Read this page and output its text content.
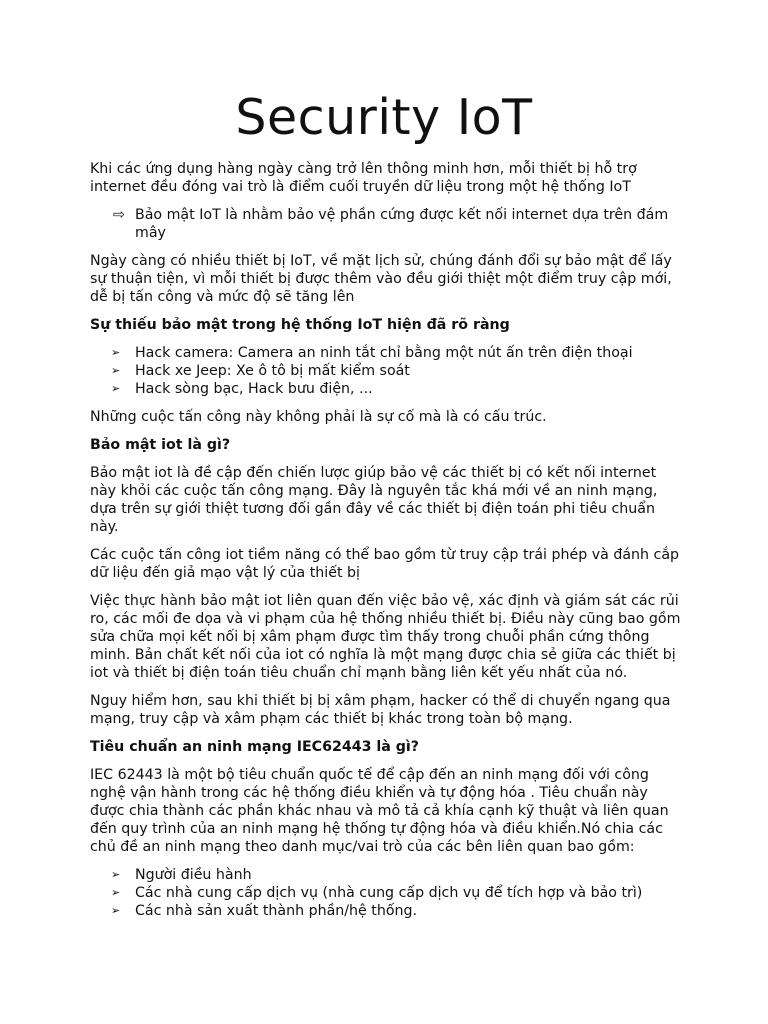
Security IoT

Khi các ứng dụng hàng ngày càng trở lên thông minh hơn, mỗi thiết bị hỗ trợ internet đều đóng vai trò là điểm cuối truyền dữ liệu trong một hệ thống IoT

⇨ Bảo mật IoT là nhằm bảo vệ phần cứng được kết nối internet dựa trên đám mây

Ngày càng có nhiều thiết bị IoT, về mặt lịch sử, chúng đánh đổi sự bảo mật để lấy sự thuận tiện, vì mỗi thiết bị được thêm vào đều giới thiệt một điểm truy cập mới, dễ bị tấn công và mức độ sẽ tăng lên

Sự thiếu bảo mật trong hệ thống IoT hiện đã rõ ràng

➢ Hack camera: Camera an ninh tắt chỉ bằng một nút ấn trên điện thoại
➢ Hack xe Jeep: Xe ô tô bị mất kiểm soát
➢ Hack sòng bạc, Hack bưu điện, ...

Những cuộc tấn công này không phải là sự cố mà là có cấu trúc.

Bảo mật iot là gì?

Bảo mật iot là đề cập đến chiến lược giúp bảo vệ các thiết bị có kết nối internet này khỏi các cuộc tấn công mạng. Đây là nguyên tắc khá mới về an ninh mạng, dựa trên sự giới thiệt tương đối gần đây về các thiết bị điện toán phi tiêu chuẩn này.

Các cuộc tấn công iot tiềm năng có thể bao gồm từ truy cập trái phép và đánh cắp dữ liệu đến giả mạo vật lý của thiết bị

Việc thực hành bảo mật iot liên quan đến việc bảo vệ, xác định và giám sát các rủi ro, các mối đe dọa và vi phạm của hệ thống nhiều thiết bị. Điều này cũng bao gồm sửa chữa mọi kết nối bị xâm phạm được tìm thấy trong chuỗi phần cứng thông minh. Bản chất kết nối của iot có nghĩa là một mạng được chia sẻ giữa các thiết bị iot và thiết bị điện toán tiêu chuẩn chỉ mạnh bằng liên kết yếu nhất của nó.

Nguy hiểm hơn, sau khi thiết bị bị xâm phạm, hacker có thể di chuyển ngang qua mạng, truy cập và xâm phạm các thiết bị khác trong toàn bộ mạng.

Tiêu chuẩn an ninh mạng IEC62443 là gì?

IEC 62443 là một bộ tiêu chuẩn quốc tế để cập đến an ninh mạng đối với công nghệ vận hành trong các hệ thống điều khiển và tự động hóa . Tiêu chuẩn này được chia thành các phần khác nhau và mô tả cả khía cạnh kỹ thuật và liên quan đến quy trình của an ninh mạng hệ thống tự động hóa và điều khiển.Nó chia các chủ đề an ninh mạng theo danh mục/vai trò của các bên liên quan bao gồm:

➢ Người điều hành
➢ Các nhà cung cấp dịch vụ (nhà cung cấp dịch vụ để tích hợp và bảo trì)
➢ Các nhà sản xuất thành phần/hệ thống.
